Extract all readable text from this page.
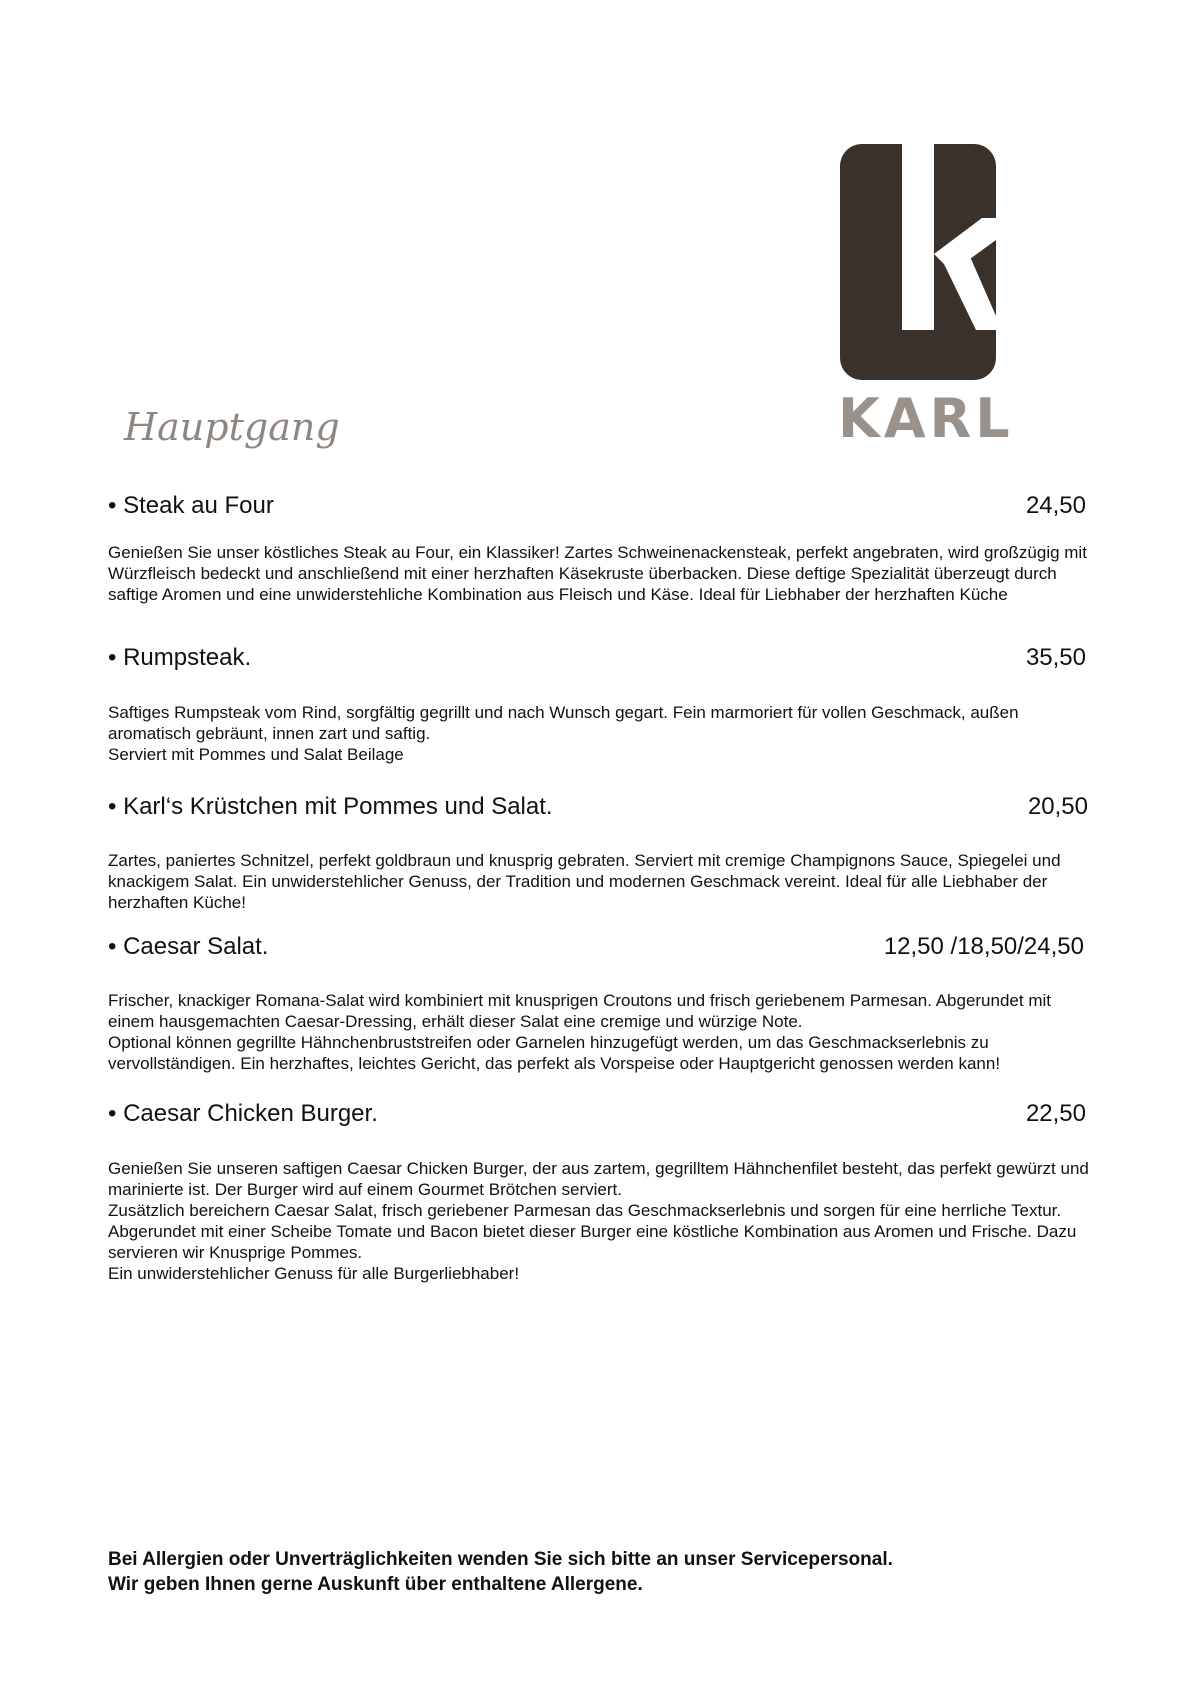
KARL
Hauptgang
• Steak au Four	24,50

Genießen Sie unser köstliches Steak au Four, ein Klassiker! Zartes Schweinenackensteak, perfekt angebraten, wird großzügig mit Würzfleisch bedeckt und anschließend mit einer herzhaften Käsekruste überbacken. Diese deftige Spezialität überzeugt durch saftige Aromen und eine unwiderstehliche Kombination aus Fleisch und Käse. Ideal für Liebhaber der herzhaften Küche

• Rumpsteak.	35,50

Saftiges Rumpsteak vom Rind, sorgfältig gegrillt und nach Wunsch gegart. Fein marmoriert für vollen Geschmack, außen aromatisch gebräunt, innen zart und saftig.

Serviert mit Pommes und Salat Beilage

• Karl‘s Krüstchen mit Pommes und Salat.	20,50

Zartes, paniertes Schnitzel, perfekt goldbraun und knusprig gebraten. Serviert mit cremige Champignons Sauce, Spiegelei und knackigem Salat. Ein unwiderstehlicher Genuss, der Tradition und modernen Geschmack vereint. Ideal für alle Liebhaber der herzhaften Küche!

• Caesar Salat.	12,50 /18,50/24,50

Frischer, knackiger Romana-Salat wird kombiniert mit knusprigen Croutons und frisch geriebenem Parmesan. Abgerundet mit einem hausgemachten Caesar-Dressing, erhält dieser Salat eine cremige und würzige Note.

Optional können gegrillte Hähnchenbruststreifen oder Garnelen hinzugefügt werden, um das Geschmackserlebnis zu vervollständigen. Ein herzhaftes, leichtes Gericht, das perfekt als Vorspeise oder Hauptgericht genossen werden kann!

• Caesar Chicken Burger.	22,50

Genießen Sie unseren saftigen Caesar Chicken Burger, der aus zartem, gegrilltem Hähnchenfilet besteht, das perfekt gewürzt und marinierte ist. Der Burger wird auf einem Gourmet Brötchen serviert.

Zusätzlich bereichern Caesar Salat, frisch geriebener Parmesan das Geschmackserlebnis und sorgen für eine herrliche Textur. Abgerundet mit einer Scheibe Tomate und Bacon bietet dieser Burger eine köstliche Kombination aus Aromen und Frische. Dazu servieren wir Knusprige Pommes.

Ein unwiderstehlicher Genuss für alle Burgerliebhaber!

Bei Allergien oder Unverträglichkeiten wenden Sie sich bitte an unser Servicepersonal.

Wir geben Ihnen gerne Auskunft über enthaltene Allergene.
